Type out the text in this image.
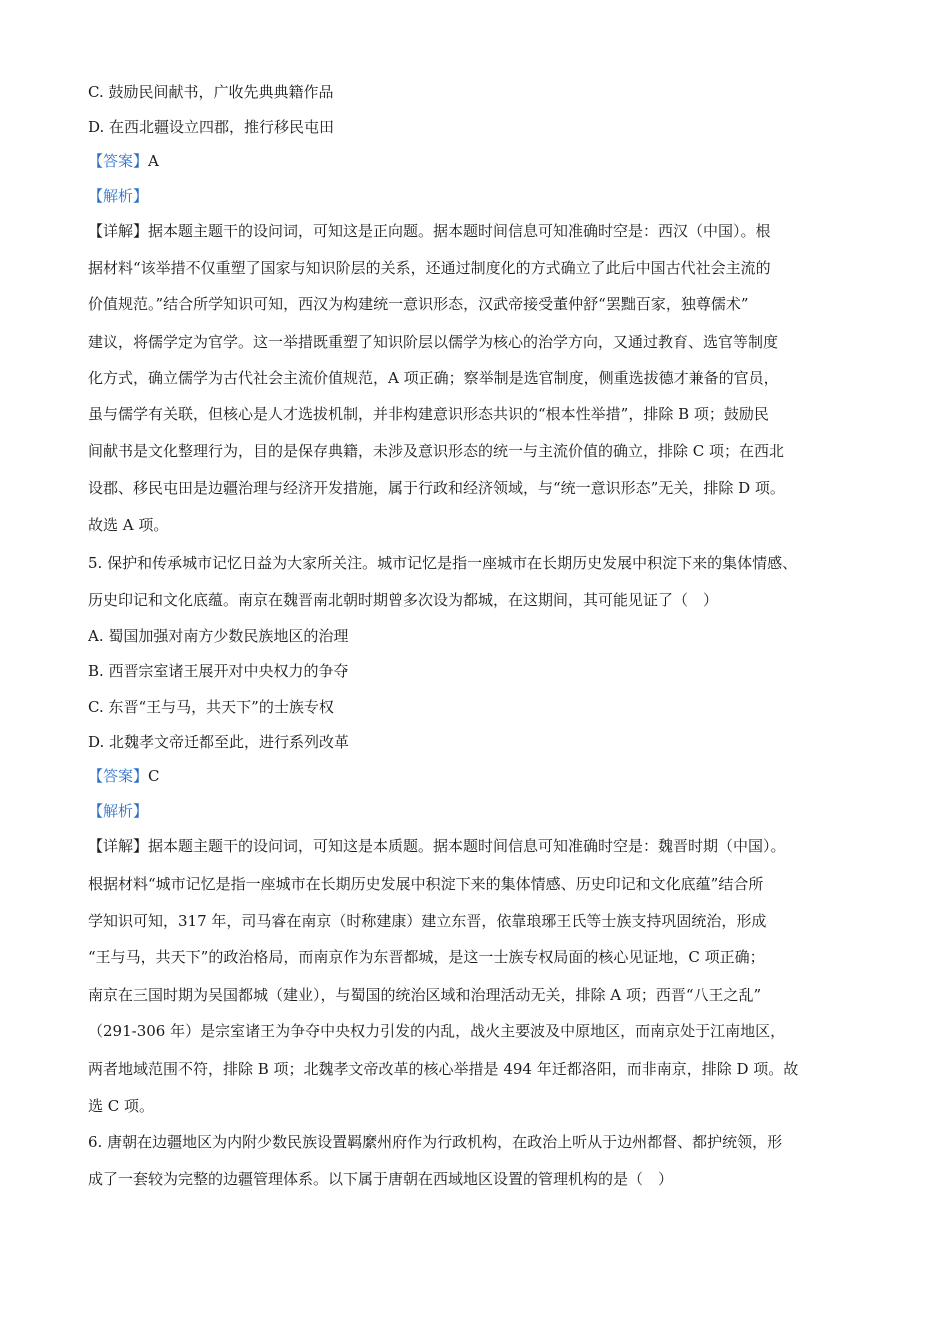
C. 鼓励民间献书，广收先典典籍作品
D. 在西北疆设立四郡，推行移民屯田
【答案】A
【解析】
【详解】据本题主题干的设问词，可知这是正向题。据本题时间信息可知准确时空是：西汉（中国）。根
据材料“该举措不仅重塑了国家与知识阶层的关系，还通过制度化的方式确立了此后中国古代社会主流的
价值规范。”结合所学知识可知，西汉为构建统一意识形态，汉武帝接受董仲舒“罢黜百家，独尊儒术”
建议，将儒学定为官学。这一举措既重塑了知识阶层以儒学为核心的治学方向，又通过教育、选官等制度
化方式，确立儒学为古代社会主流价值规范，A 项正确；察举制是选官制度，侧重选拔德才兼备的官员，
虽与儒学有关联，但核心是人才选拔机制，并非构建意识形态共识的“根本性举措”，排除 B 项；鼓励民
间献书是文化整理行为，目的是保存典籍，未涉及意识形态的统一与主流价值的确立，排除 C 项；在西北
设郡、移民屯田是边疆治理与经济开发措施，属于行政和经济领域，与“统一意识形态”无关，排除 D 项。
故选 A 项。
5. 保护和传承城市记忆日益为大家所关注。城市记忆是指一座城市在长期历史发展中积淀下来的集体情感、
历史印记和文化底蕴。南京在魏晋南北朝时期曾多次设为都城，在这期间，其可能见证了（　）
A. 蜀国加强对南方少数民族地区的治理
B. 西晋宗室诸王展开对中央权力的争夺
C. 东晋“王与马，共天下”的士族专权
D. 北魏孝文帝迁都至此，进行系列改革
【答案】C
【解析】
【详解】据本题主题干的设问词，可知这是本质题。据本题时间信息可知准确时空是：魏晋时期（中国）。
根据材料“城市记忆是指一座城市在长期历史发展中积淀下来的集体情感、历史印记和文化底蕴”结合所
学知识可知，317 年，司马睿在南京（时称建康）建立东晋，依靠琅琊王氏等士族支持巩固统治，形成
“王与马，共天下”的政治格局，而南京作为东晋都城，是这一士族专权局面的核心见证地，C 项正确；
南京在三国时期为吴国都城（建业），与蜀国的统治区域和治理活动无关，排除 A 项；西晋“八王之乱”
（291-306 年）是宗室诸王为争夺中央权力引发的内乱，战火主要波及中原地区，而南京处于江南地区，
两者地域范围不符，排除 B 项；北魏孝文帝改革的核心举措是 494 年迁都洛阳，而非南京，排除 D 项。故
选 C 项。
6. 唐朝在边疆地区为内附少数民族设置羁縻州府作为行政机构，在政治上听从于边州都督、都护统领，形
成了一套较为完整的边疆管理体系。以下属于唐朝在西域地区设置的管理机构的是（　）
